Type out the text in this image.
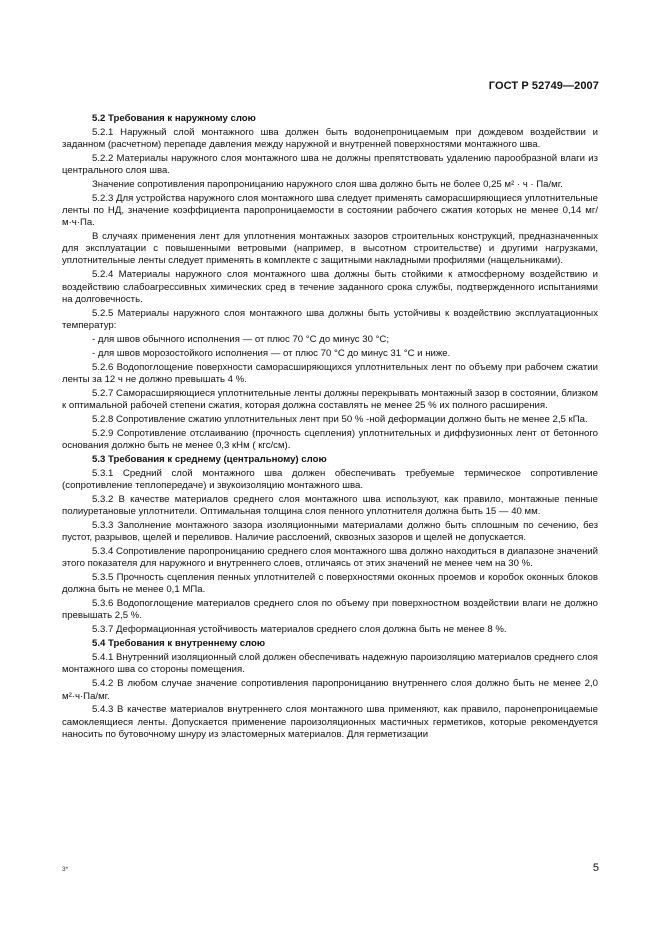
ГОСТ Р 52749—2007

5.2 Требования к наружному слою

5.2.1 Наружный слой монтажного шва должен быть водонепроницаемым при дождевом воздействии и заданном (расчетном) перепаде давления между наружной и внутренней поверхностями монтажного шва.

5.2.2 Материалы наружного слоя монтажного шва не должны препятствовать удалению парообразной влаги из центрального слоя шва.

Значение сопротивления паропроницанию наружного слоя шва должно быть не более 0,25 м² · ч · Па/мг.

5.2.3 Для устройства наружного слоя монтажного шва следует применять саморасширяющиеся уплотнительные ленты по НД, значение коэффициента паропроницаемости в состоянии рабочего сжатия которых не менее 0,14 мг/м·ч·Па.

В случаях применения лент для уплотнения монтажных зазоров строительных конструкций, предназначенных для эксплуатации с повышенными ветровыми (например, в высотном строительстве) и другими нагрузками, уплотнительные ленты следует применять в комплекте с защитными накладными профилями (нащельниками).

5.2.4 Материалы наружного слоя монтажного шва должны быть стойкими к атмосферному воздействию и воздействию слабоагрессивных химических сред в течение заданного срока службы, подтвержденного испытаниями на долговечность.

5.2.5 Материалы наружного слоя монтажного шва должны быть устойчивы к воздействию эксплуатационных температур:

- для швов обычного исполнения — от плюс 70 °С до минус 30 °С;

- для швов морозостойкого исполнения — от плюс 70 °С до минус 31 °С и ниже.

5.2.6 Водопоглощение поверхности саморасширяющихся уплотнительных лент по объему при рабочем сжатии ленты за 12 ч не должно превышать 4 %.

5.2.7 Саморасширяющиеся уплотнительные ленты должны перекрывать монтажный зазор в состоянии, близком к оптимальной рабочей степени сжатия, которая должна составлять не менее 25 % их полного расширения.

5.2.8 Сопротивление сжатию уплотнительных лент при 50 % -ной деформации должно быть не менее 2,5 кПа.

5.2.9 Сопротивление отслаиванию (прочность сцепления) уплотнительных и диффузионных лент от бетонного основания должно быть не менее 0,3 кНм ( кгс/см).

5.3 Требования к среднему (центральному) слою

5.3.1 Средний слой монтажного шва должен обеспечивать требуемые термическое сопротивление (сопротивление теплопередаче) и звукоизоляцию монтажного шва.

5.3.2 В качестве материалов среднего слоя монтажного шва используют, как правило, монтажные пенные полиуретановые уплотнители. Оптимальная толщина слоя пенного уплотнителя должна быть 15 — 40 мм.

5.3.3 Заполнение монтажного зазора изоляционными материалами должно быть сплошным по сечению, без пустот, разрывов, щелей и переливов. Наличие расслоений, сквозных зазоров и щелей не допускается.

5.3.4 Сопротивление паропроницанию среднего слоя монтажного шва должно находиться в диапазоне значений этого показателя для наружного и внутреннего слоев, отличаясь от этих значений не менее чем на 30 %.

5.3.5 Прочность сцепления пенных уплотнителей с поверхностями оконных проемов и коробок оконных блоков должна быть не менее 0,1 МПа.

5.3.6 Водопоглощение материалов среднего слоя по объему при поверхностном воздействии влаги не должно превышать 2,5 %.

5.3.7 Деформационная устойчивость материалов среднего слоя должна быть не менее 8 %.

5.4 Требования к внутреннему слою

5.4.1 Внутренний изоляционный слой должен обеспечивать надежную пароизоляцию материалов среднего слоя монтажного шва со стороны помещения.

5.4.2 В любом случае значение сопротивления паропроницанию внутреннего слоя должно быть не менее 2,0 м²·ч·Па/мг.

5.4.3 В качестве материалов внутреннего слоя монтажного шва применяют, как правило, паронепроницаемые самоклеящиеся ленты. Допускается применение пароизоляционных мастичных герметиков, которые рекомендуется наносить по бутовочному шнуру из эластомерных материалов. Для герметизации

3*	5
